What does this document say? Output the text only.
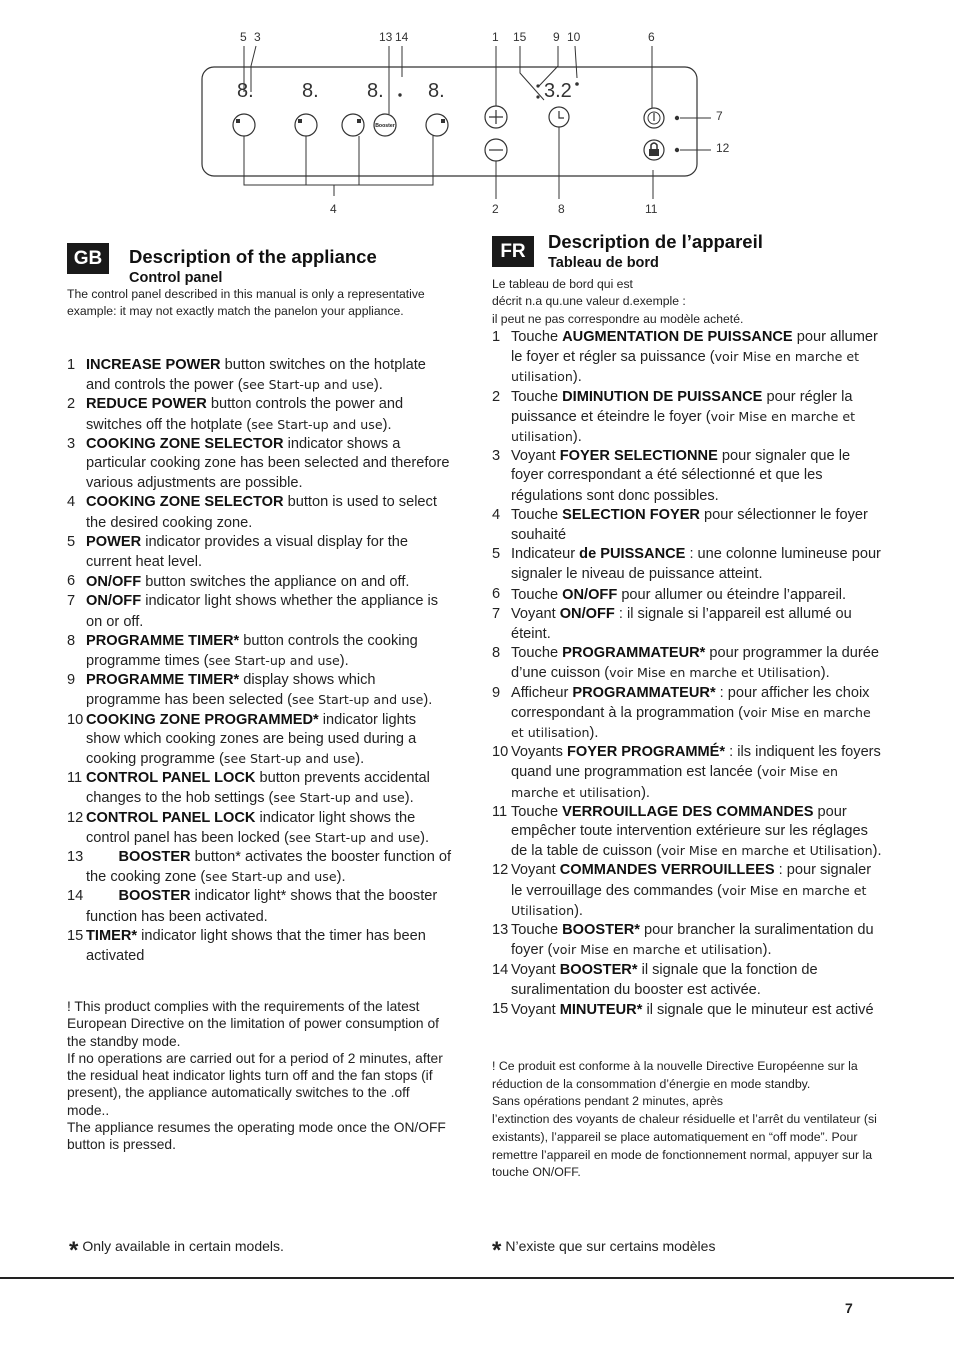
8. 8. 8. 8.
Booster
3.2
5 3	13 14	1 15 9 10	6
7
12
4	2	8	11
GB	Description of the appliance
Control panel
The control panel described in this manual is only a representative example: it may not exactly match the panelon your appliance.
1 INCREASE POWER button switches on the hotplate and controls the power (see Start-up and use).
2 REDUCE POWER button controls the power and switches off the hotplate (see Start-up and use).
3 COOKING ZONE SELECTOR indicator shows a particular cooking zone has been selected and therefore various adjustments are possible.
4 COOKING ZONE SELECTOR button is used to select the desired cooking zone.
5 POWER indicator provides a visual display for the current heat level.
6 ON/OFF button switches the appliance on and off.
7 ON/OFF indicator light shows whether the appliance is on or off.
8 PROGRAMME TIMER* button controls the cooking programme times (see Start-up and use).
9 PROGRAMME TIMER* display shows which programme has been selected (see Start-up and use).
10 COOKING ZONE PROGRAMMED* indicator lights show which cooking zones are being used during a cooking programme (see Start-up and use).
11 CONTROL PANEL LOCK button prevents accidental changes to the hob settings (see Start-up and use).
12 CONTROL PANEL LOCK indicator light shows the control panel has been locked (see Start-up and use).
13 BOOSTER button* activates the booster function of the cooking zone (see Start-up and use).
14 BOOSTER indicator light* shows that the booster function has been activated.
15 TIMER* indicator light shows that the timer has been activated
! This product complies with the requirements of the latest European Directive on the limitation of power consumption of the standby mode.
If no operations are carried out for a period of 2 minutes, after the residual heat indicator lights turn off and the fan stops (if present), the appliance automatically switches to the .off mode..
The appliance resumes the operating mode once the ON/OFF button is pressed.
FR	Description de l’appareil
Tableau de bord
Le tableau de bord qui est
décrit n.a qu.une valeur d.exemple :
il peut ne pas correspondre au modèle acheté.
1 Touche AUGMENTATION DE PUISSANCE pour allumer le foyer et régler sa puissance (voir Mise en marche et utilisation).
2 Touche DIMINUTION DE PUISSANCE pour régler la puissance et éteindre le foyer (voir Mise en marche et utilisation).
3 Voyant FOYER SELECTIONNE pour signaler que le foyer correspondant a été sélectionné et que les régulations sont donc possibles.
4 Touche SELECTION FOYER pour sélectionner le foyer souhaité
5 Indicateur de PUISSANCE : une colonne lumineuse pour signaler le niveau de puissance atteint.
6 Touche ON/OFF pour allumer ou éteindre l’appareil.
7 Voyant ON/OFF : il signale si l’appareil est allumé ou éteint.
8 Touche PROGRAMMATEUR* pour programmer la durée d’une cuisson (voir Mise en marche et Utilisation).
9 Afficheur PROGRAMMATEUR* : pour afficher les choix correspondant à la programmation (voir Mise en marche et utilisation).
10 Voyants FOYER PROGRAMMÉ* : ils indiquent les foyers quand une programmation est lancée (voir Mise en marche et utilisation).
11 Touche VERROUILLAGE DES COMMANDES pour empêcher toute intervention extérieure sur les réglages de la table de cuisson (voir Mise en marche et Utilisation).
12 Voyant COMMANDES VERROUILLEES : pour signaler le verrouillage des commandes (voir Mise en marche et Utilisation).
13 Touche BOOSTER* pour brancher la suralimentation du foyer (voir Mise en marche et utilisation).
14 Voyant BOOSTER* il signale que la fonction de suralimentation du booster est activée.
15 Voyant MINUTEUR* il signale que le minuteur est activé
! Ce produit est conforme à la nouvelle Directive Européenne sur la réduction de la consommation d’énergie en mode standby.
Sans opérations pendant 2 minutes, après
l’extinction des voyants de chaleur résiduelle et l’arrêt du ventilateur (si existants), l’appareil se place automatiquement en “off mode”. Pour remettre l’appareil en mode de fonctionnement normal, appuyer sur la touche ON/OFF.
* Only available in certain models.	* N’existe que sur certains modèles
7
